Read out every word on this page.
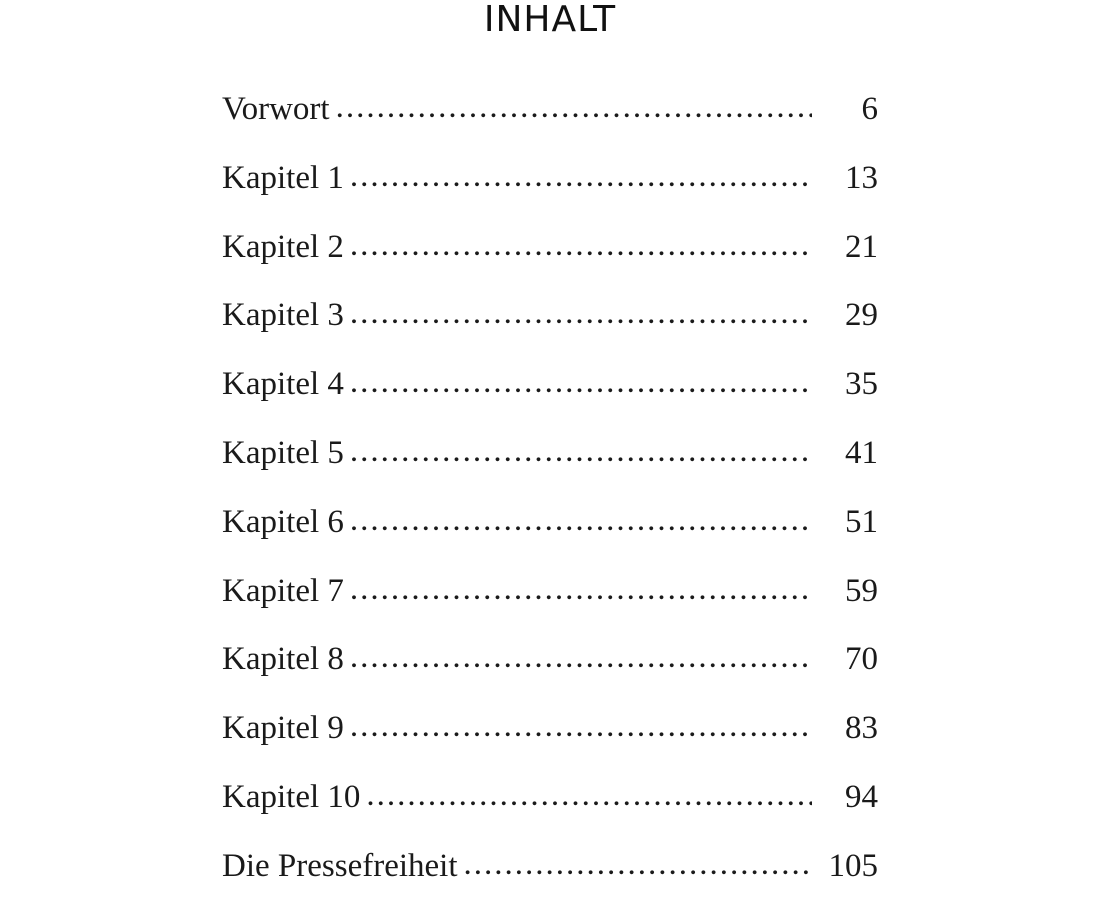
INHALT
Vorwort .....	6
Kapitel 1 .....	13
Kapitel 2 .....	21
Kapitel 3 .....	29
Kapitel 4 .....	35
Kapitel 5 .....	41
Kapitel 6 .....	51
Kapitel 7 .....	59
Kapitel 8 .....	70
Kapitel 9 .....	83
Kapitel 10 .....	94
Die Pressefreiheit .....	105
